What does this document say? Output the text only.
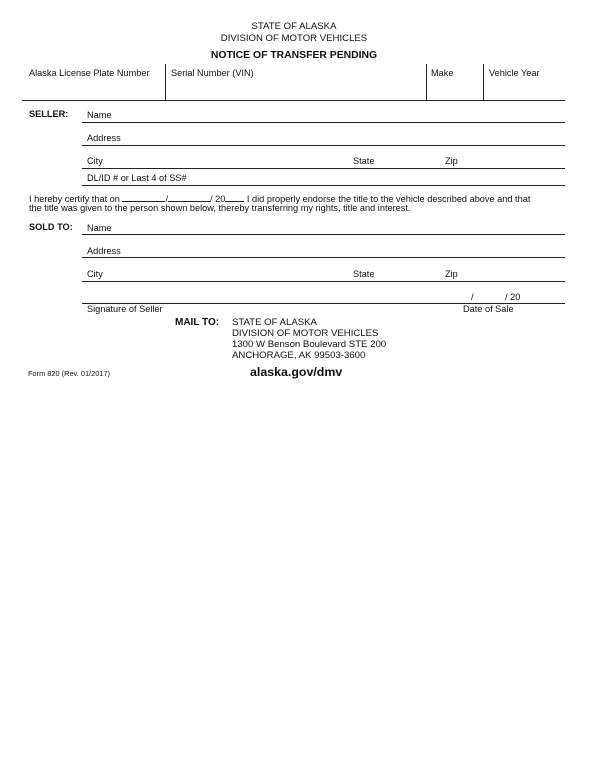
STATE OF ALASKA
DIVISION OF MOTOR VEHICLES
NOTICE OF TRANSFER PENDING
Alaska License Plate Number Serial Number (VIN)	Make	Vehicle Year
SELLER: Name
Address
City	State	Zip
DL/ID # or Last 4 of SS#
I hereby certify that on	/	/ 20 I did properly endorse the title to the vehicle described above and that
the title was given to the person shown below, thereby transferring my rights, title and interest.
SOLD TO: Name
Address
City	State	Zip
/	/ 20
Signature of Seller	Date of Sale
MAIL TO: STATE OF ALASKA
DIVISION OF MOTOR VEHICLES
1300 W Benson Boulevard STE 200
ANCHORAGE, AK 99503-3600
Form 820 (Rev. 01/2017)	alaska.gov/dmv
